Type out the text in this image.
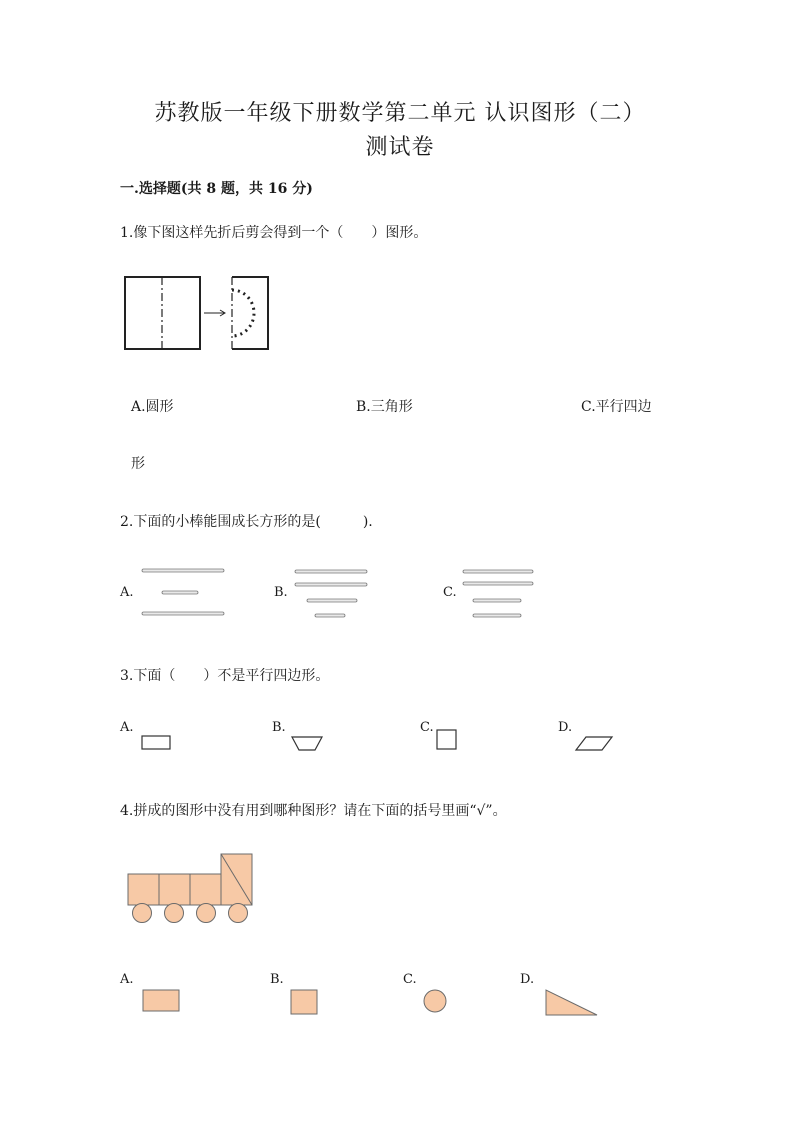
苏教版一年级下册数学第二单元 认识图形（二）
测试卷
一.选择题(共 8 题，共 16 分)
1.像下图这样先折后剪会得到一个（　　）图形。
A.圆形	B.三角形	C.平行四边
形
2.下面的小棒能围成长方形的是(　　　).
A.	B.	C.
3.下面（　　）不是平行四边形。
A.	B.	C.	D.
4.拼成的图形中没有用到哪种图形？请在下面的括号里画“√”。
A.	B.	C.	D.
